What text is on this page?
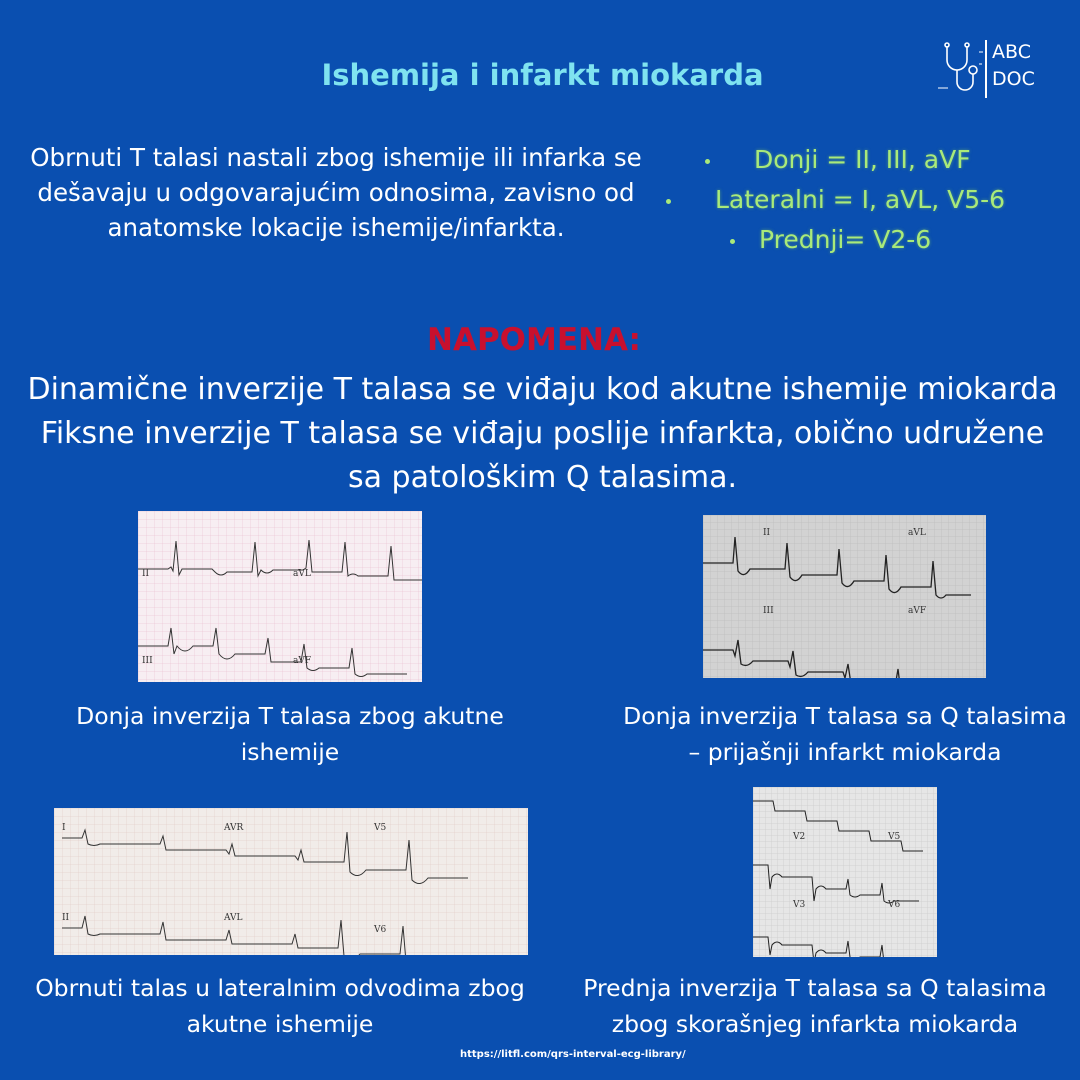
Ishemija i infarkt miokarda
ABC
DOC
Obrnuti T talasi nastali zbog ishemije ili infarka se dešavaju u odgovarajućim odnosima, zavisno od anatomske lokacije ishemije/infarkta.
Donji = II, III, aVF
Lateralni = I, aVL, V5-6
Prednji= V2-6
NAPOMENA:
Dinamične inverzije T talasa se viđaju kod akutne ishemije miokarda
Fiksne inverzije T talasa se viđaju poslije infarkta, obično udružene sa patološkim Q talasima.
II	aVL
III	aVF
Donja inverzija T talasa zbog akutne ishemije
II	aVL
III	aVF
Donja inverzija T talasa sa Q talasima – prijašnji infarkt miokarda
I	AVR	V5
II	AVL
V6
Obrnuti talas u lateralnim odvodima zbog akutne ishemije
V2	V5
V3	V6
Prednja inverzija T talasa sa Q talasima zbog skorašnjeg infarkta miokarda
https://litfl.com/qrs-interval-ecg-library/
